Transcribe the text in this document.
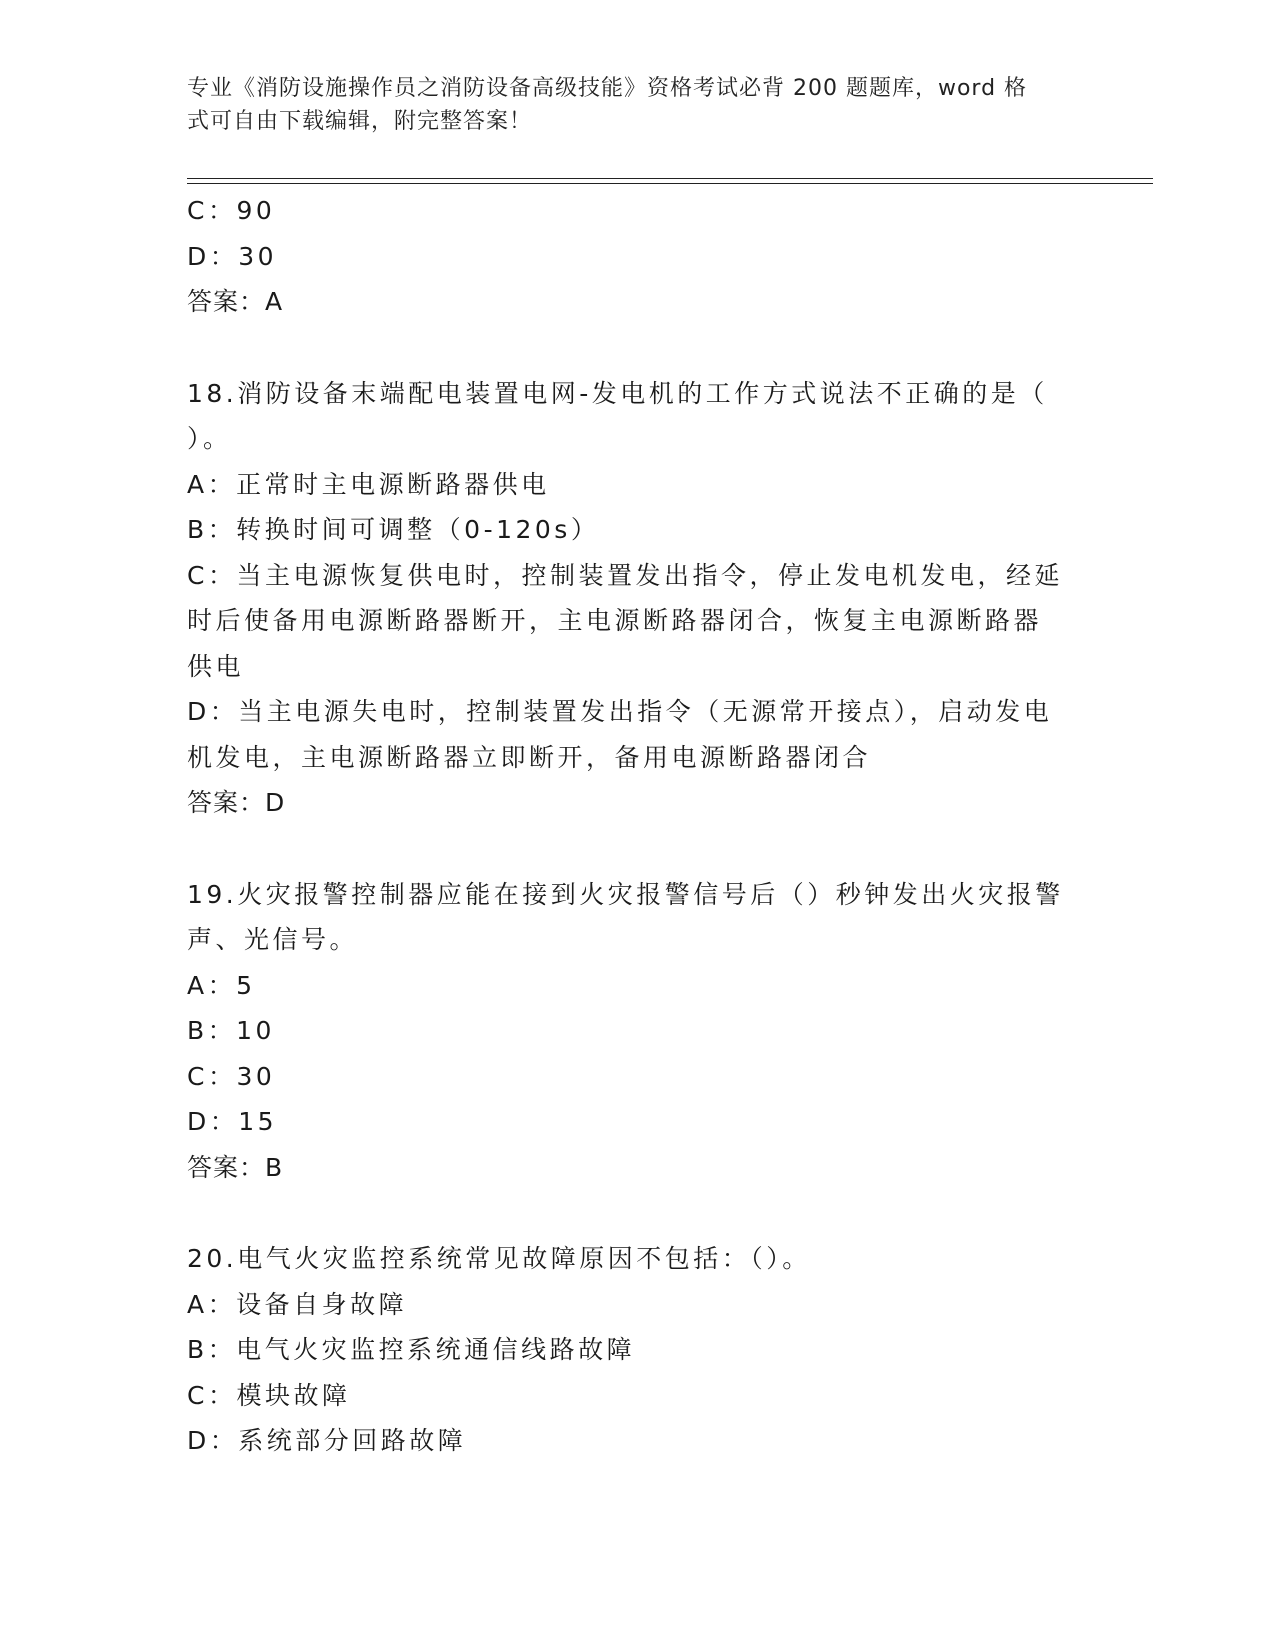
专业《消防设施操作员之消防设备高级技能》资格考试必背 200 题题库，word 格
式可自由下载编辑，附完整答案！
C：90
D：30
答案：A
18.消防设备末端配电装置电网-发电机的工作方式说法不正确的是（
）。
A：正常时主电源断路器供电
B：转换时间可调整（0-120s）
C：当主电源恢复供电时，控制装置发出指令，停止发电机发电，经延
时后使备用电源断路器断开，主电源断路器闭合，恢复主电源断路器
供电
D：当主电源失电时，控制装置发出指令（无源常开接点），启动发电
机发电，主电源断路器立即断开，备用电源断路器闭合
答案：D
19.火灾报警控制器应能在接到火灾报警信号后（）秒钟发出火灾报警
声、光信号。
A：5
B：10
C：30
D：15
答案：B
20.电气火灾监控系统常见故障原因不包括：（）。
A：设备自身故障
B：电气火灾监控系统通信线路故障
C：模块故障
D：系统部分回路故障
